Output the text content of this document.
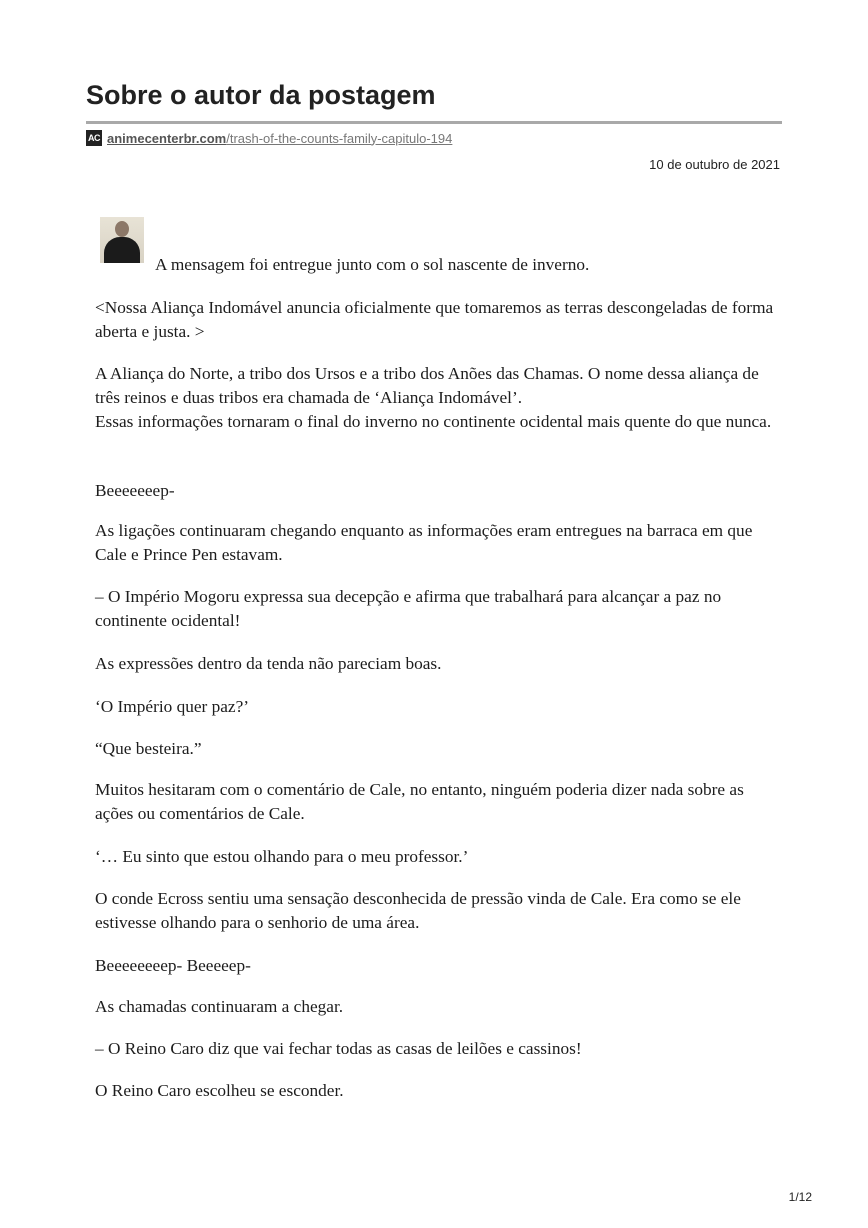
Sobre o autor da postagem
AC animecenterbr.com /trash-of-the-counts-family-capitulo-194
10 de outubro de 2021

A mensagem foi entregue junto com o sol nascente de inverno.

<Nossa Aliança Indomável anuncia oficialmente que tomaremos as terras descongeladas de forma aberta e justa. >

A Aliança do Norte, a tribo dos Ursos e a tribo dos Anões das Chamas. O nome dessa aliança de três reinos e duas tribos era chamada de ‘Aliança Indomável’.

Essas informações tornaram o final do inverno no continente ocidental mais quente do que nunca.

Beeeeeeep-

As ligações continuaram chegando enquanto as informações eram entregues na barraca em que Cale e Prince Pen estavam.

– O Império Mogoru expressa sua decepção e afirma que trabalhará para alcançar a paz no continente ocidental!

As expressões dentro da tenda não pareciam boas.

‘O Império quer paz?’

“Que besteira.”

Muitos hesitaram com o comentário de Cale, no entanto, ninguém poderia dizer nada sobre as ações ou comentários de Cale.

‘… Eu sinto que estou olhando para o meu professor.’

O conde Ecross sentiu uma sensação desconhecida de pressão vinda de Cale. Era como se ele estivesse olhando para o senhorio de uma área.

Beeeeeeeep- Beeeeep-

As chamadas continuaram a chegar.

– O Reino Caro diz que vai fechar todas as casas de leilões e cassinos!

O Reino Caro escolheu se esconder.

1/12
